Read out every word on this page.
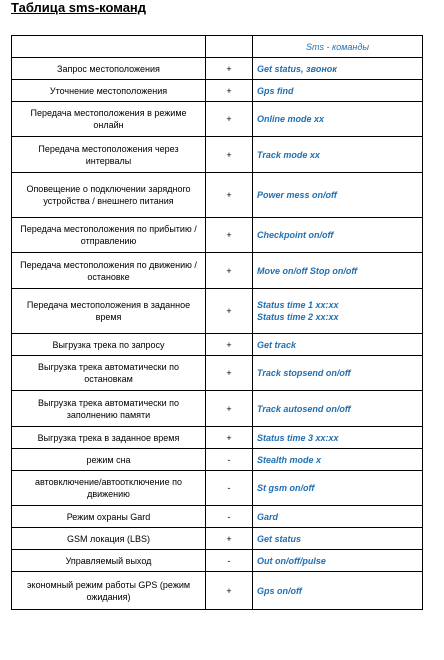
Таблица sms-команд
		Sms - команды
Запрос местоположения	+	Get status, звонок

Уточнение местоположения	+	Gps find

Передача местоположения в режиме онлайн	+	Online mode xx

Передача местоположения через интервалы	+	Track mode xx

Оповещение о подключении зарядного устройства / внешнего питания	+	Power mess on/off

Передача местоположения по прибытию / отправлению	+	Checkpoint on/off

Передача местоположения по движению / остановке	+	Move on/off Stop on/off

Передача местоположения в заданное время	+	Status time 1 xx:xx
Status time 2 xx:xx

Выгрузка трека по запросу	+	Get track

Выгрузка трека автоматически по остановкам	+	Track stopsend on/off

Выгрузка трека автоматически по заполнению памяти	+	Track autosend on/off

Выгрузка трека в заданное время	+	Status time 3 xx:xx

режим сна	-	Stealth mode x

автовключение/автоотключение по движению	-	St gsm on/off

Режим охраны Gard	-	Gard

GSM локация (LBS)	+	Get status

Управляемый выход	-	Out on/off/pulse

экономный режим работы GPS (режим ожидания)	+	Gps on/off
